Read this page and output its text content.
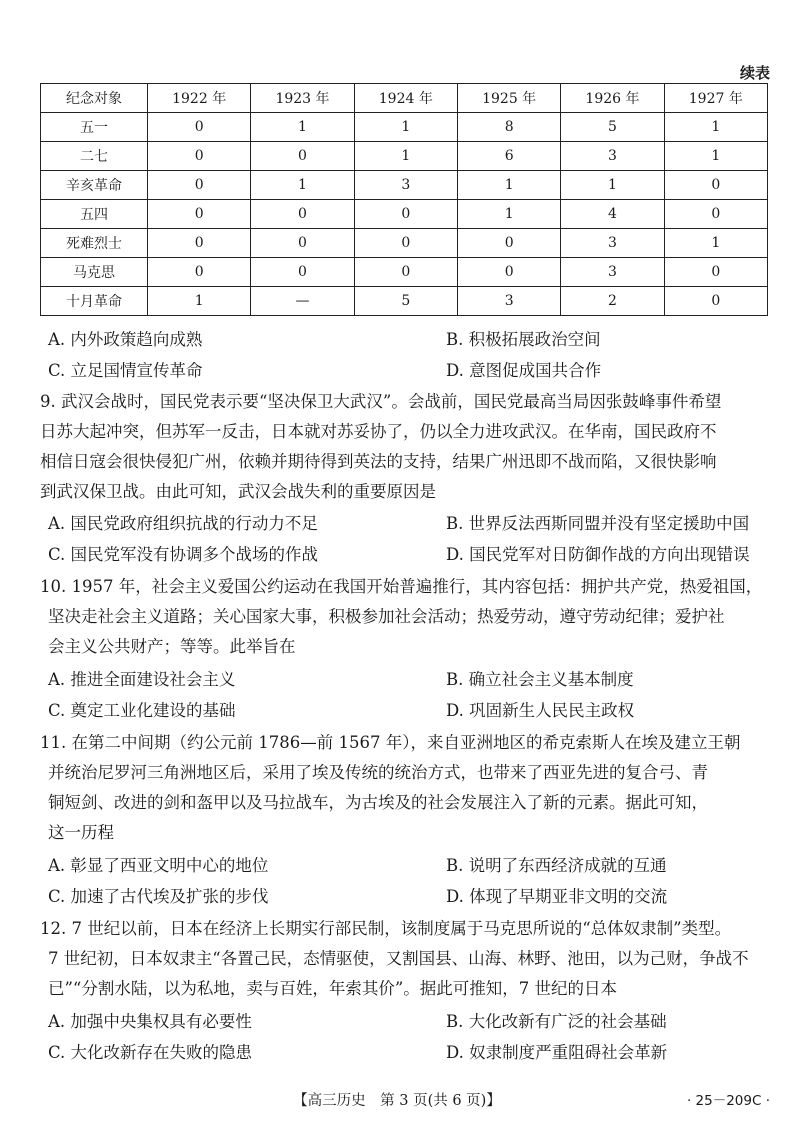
续表
纪念对象	1922 年	1923 年	1924 年	1925 年	1926 年	1927 年
五一	0	1	1	8	5	1
二七	0	0	1	6	3	1
辛亥革命	0	1	3	1	1	0
五四	0	0	0	1	4	0
死难烈士	0	0	0	0	3	1
马克思	0	0	0	0	3	0
十月革命	1	—	5	3	2	0
A. 内外政策趋向成熟	B. 积极拓展政治空间
C. 立足国情宣传革命	D. 意图促成国共合作
9. 武汉会战时，国民党表示要“坚决保卫大武汉”。会战前，国民党最高当局因张鼓峰事件希望
日苏大起冲突，但苏军一反击，日本就对苏妥协了，仍以全力进攻武汉。在华南，国民政府不
相信日寇会很快侵犯广州，依赖并期待得到英法的支持，结果广州迅即不战而陷，又很快影响
到武汉保卫战。由此可知，武汉会战失利的重要原因是
A. 国民党政府组织抗战的行动力不足	B. 世界反法西斯同盟并没有坚定援助中国
C. 国民党军没有协调多个战场的作战	D. 国民党军对日防御作战的方向出现错误
10. 1957 年，社会主义爱国公约运动在我国开始普遍推行，其内容包括：拥护共产党，热爱祖国，
坚决走社会主义道路；关心国家大事，积极参加社会活动；热爱劳动，遵守劳动纪律；爱护社
会主义公共财产；等等。此举旨在
A. 推进全面建设社会主义	B. 确立社会主义基本制度
C. 奠定工业化建设的基础	D. 巩固新生人民民主政权
11. 在第二中间期（约公元前 1786—前 1567 年），来自亚洲地区的希克索斯人在埃及建立王朝
并统治尼罗河三角洲地区后，采用了埃及传统的统治方式，也带来了西亚先进的复合弓、青
铜短剑、改进的剑和盔甲以及马拉战车，为古埃及的社会发展注入了新的元素。据此可知，
这一历程
A. 彰显了西亚文明中心的地位	B. 说明了东西经济成就的互通
C. 加速了古代埃及扩张的步伐	D. 体现了早期亚非文明的交流
12. 7 世纪以前，日本在经济上长期实行部民制，该制度属于马克思所说的“总体奴隶制”类型。
7 世纪初，日本奴隶主“各置己民，态情驱使，又割国县、山海、林野、池田，以为己财，争战不
已”“分割水陆，以为私地，卖与百姓，年索其价”。据此可推知，7 世纪的日本
A. 加强中央集权具有必要性	B. 大化改新有广泛的社会基础
C. 大化改新存在失败的隐患	D. 奴隶制度严重阻碍社会革新
【高三历史　第 3 页(共 6 页)】	· 25－209C ·
